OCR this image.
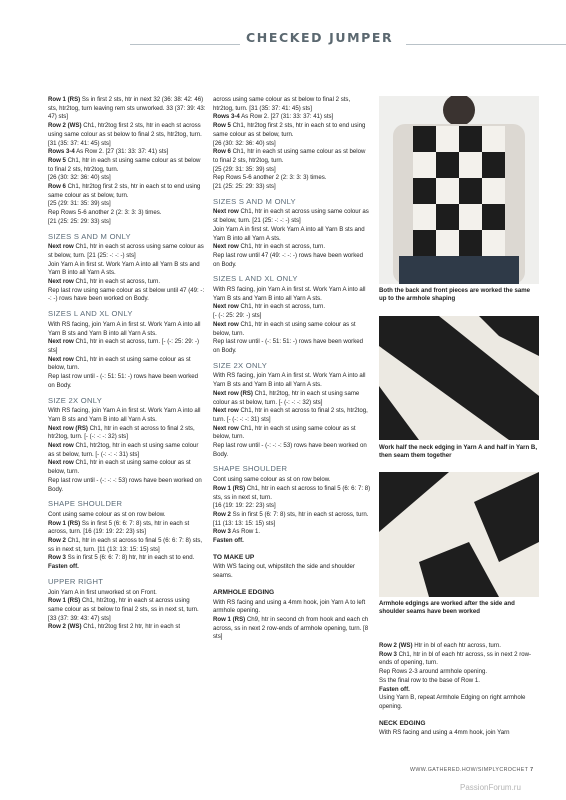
CHECKED JUMPER

Row 1 (RS) Ss in first 2 sts, htr in next 32 (36: 38: 42: 46) sts, htr2tog, turn leaving rem sts unworked. 33 (37: 39: 43: 47) sts]

Row 2 (WS) Ch1, htr2tog first 2 sts, htr in each st across using same colour as st below to final 2 sts, htr2tog, turn. [31 (35: 37: 41: 45) sts]

Rows 3-4 As Row 2. [27 (31: 33: 37: 41) sts]

Row 5 Ch1, htr in each st using same colour as st below to final 2 sts, htr2tog, turn.

[26 (30: 32: 36: 40) sts]

Row 6 Ch1, htr2tog first 2 sts, htr in each st to end using same colour as st below, turn.

[25 (29: 31: 35: 39) sts]

Rep Rows 5-6 another 2 (2: 3: 3: 3) times.

[21 (25: 25: 29: 33) sts]

SIZES S AND M ONLY

Next row Ch1, htr in each st across using same colour as st below, turn. [21 (25: -: -: -) sts]

Join Yarn A in first st. Work Yarn A into all Yarn B sts and Yarn B into all Yarn A sts.

Next row Ch1, htr in each st across, turn.

Rep last row using same colour as st below until 47 (49: -: -: -) rows have been worked on Body.

SIZES L AND XL ONLY

With RS facing, join Yarn A in first st. Work Yarn A into all Yarn B sts and Yarn B into all Yarn A sts.

Next row Ch1, htr in each st across, turn. [- (-: 25: 29: -) sts]

Next row Ch1, htr in each st using same colour as st below, turn.

Rep last row until - (-: 51: 51: -) rows have been worked on Body.

SIZE 2X ONLY

With RS facing, join Yarn A in first st. Work Yarn A into all Yarn B sts and Yarn B into all Yarn A sts.

Next row (RS) Ch1, htr in each st across to final 2 sts, htr2tog, turn. [- (-: -: -: 32) sts]

Next row Ch1, htr2tog, htr in each st using same colour as st below, turn. [- (-: -: -: 31) sts]

Next row Ch1, htr in each st using same colour as st below, turn.

Rep last row until - (-: -: -: 53) rows have been worked on Body.

SHAPE SHOULDER

Cont using same colour as st on row below.

Row 1 (RS) Ss in first 5 (6: 6: 7: 8) sts, htr in each st across, turn. [16 (19: 19: 22: 23) sts]

Row 2 Ch1, htr in each st across to final 5 (6: 6: 7: 8) sts, ss in next st, turn. [11 (13: 13: 15: 15) sts]

Row 3 Ss in first 5 (6: 6: 7: 8) htr, htr in each st to end.

Fasten off.

UPPER RIGHT

Join Yarn A in first unworked st on Front.

Row 1 (RS) Ch1, htr2tog, htr in each st across using same colour as st below to final 2 sts, ss in next st, turn. [33 (37: 39: 43: 47) sts]

Row 2 (WS) Ch1, htr2tog first 2 htr, htr in each st

across using same colour as st below to final 2 sts, htr2tog, turn. [31 (35: 37: 41: 45) sts]

Rows 3-4 As Row 2. [27 (31: 33: 37: 41) sts]

Row 5 Ch1, htr2tog first 2 sts, htr in each st to end using same colour as st below, turn.

[26 (30: 32: 36: 40) sts]

Row 6 Ch1, htr in each st using same colour as st below to final 2 sts, htr2tog, turn.

[25 (29: 31: 35: 39) sts]

Rep Rows 5-6 another 2 (2: 3: 3: 3) times.

[21 (25: 25: 29: 33) sts]

SIZES S AND M ONLY

Next row Ch1, htr in each st across using same colour as st below, turn. [21 (25: -: -: -) sts]

Join Yarn A in first st. Work Yarn A into all Yarn B sts and Yarn B into all Yarn A sts.

Next row Ch1, htr in each st across, turn.

Rep last row until 47 (49: -: -: -) rows have been worked on Body.

SIZES L AND XL ONLY

With RS facing, join Yarn A in first st. Work Yarn A into all Yarn B sts and Yarn B into all Yarn A sts.

Next row Ch1, htr in each st across, turn.

[- (-: 25: 29: -) sts]

Next row Ch1, htr in each st using same colour as st below, turn.

Rep last row until - (-: 51: 51: -) rows have been worked on Body.

SIZE 2X ONLY

With RS facing, join Yarn A in first st. Work Yarn A into all Yarn B sts and Yarn B into all Yarn A sts.

Next row (RS) Ch1, htr2tog, htr in each st using same colour as st below, turn. [- (-: -: -: 32) sts]

Next row Ch1, htr in each st across to final 2 sts, htr2tog, turn. [- (-: -: -: 31) sts]

Next row Ch1, htr in each st using same colour as st below, turn.

Rep last row until - (-: -: -: 53) rows have been worked on Body.

SHAPE SHOULDER

Cont using same colour as st on row below.

Row 1 (RS) Ch1, htr in each st across to final 5 (6: 6: 7: 8) sts, ss in next st, turn.

[16 (19: 19: 22: 23) sts]

Row 2 Ss in first 5 (6: 7: 8) sts, htr in each st across, turn. [11 (13: 13: 15: 15) sts]

Row 3 As Row 1.

Fasten off.

TO MAKE UP

With WS facing out, whipstitch the side and shoulder seams.

ARMHOLE EDGING

With RS facing and using a 4mm hook, join Yarn A to left armhole opening.

Row 1 (RS) Ch9, htr in second ch from hook and each ch across, ss in next 2 row-ends of armhole opening, turn. [8 sts]

Row 2 (WS) Htr in bl of each htr across, turn.

Row 3 Ch1, htr in bl of each htr across, ss in next 2 row-ends of opening, turn.

Rep Rows 2-3 around armhole opening.

Ss the final row to the base of Row 1.

Fasten off.

Using Yarn B, repeat Armhole Edging on right armhole opening.

NECK EDGING

With RS facing and using a 4mm hook, join Yarn

Both the back and front pieces are worked the same up to the armhole shaping
Work half the neck edging in Yarn A and half in Yarn B, then seam them together
Armhole edgings are worked after the side and shoulder seams have been worked
WWW.GATHERED.HOW/SIMPLYCROCHET 7
PassionForum.ru
